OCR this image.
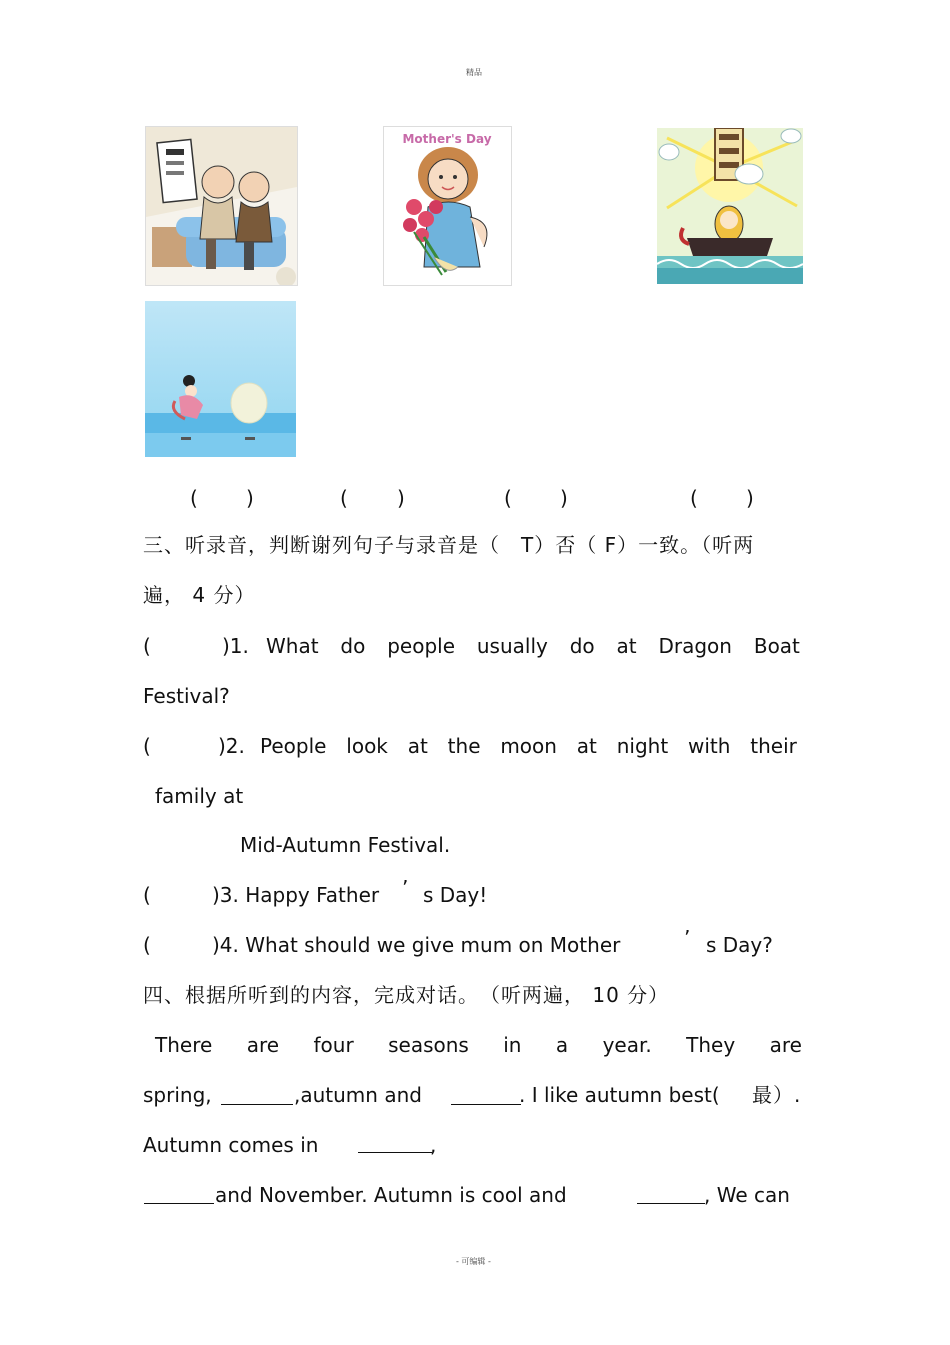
精品
Mother's Day
( )	( )	( )	( )
三、听录音，判断谢列句子与录音是（　T）否（ F）一致。（听两
遍， 4 分）
(	)1. What do people usually do at Dragon Boat
Festival?
(	)2. People look at the moon at night with their
family at
Mid-Autumn Festival.
(	)3. Happy Father ’ s Day!
(	)4. What should we give mum on Mother	’ s Day?
四、根据所听到的内容，完成对话。　（听两遍， 10 分）
There are four seasons in a year. They are
spring,	,autumn and	. I like autumn best( 最）.
Autumn comes in	,
and November. Autumn is cool and	, We can
- 可编辑 -
